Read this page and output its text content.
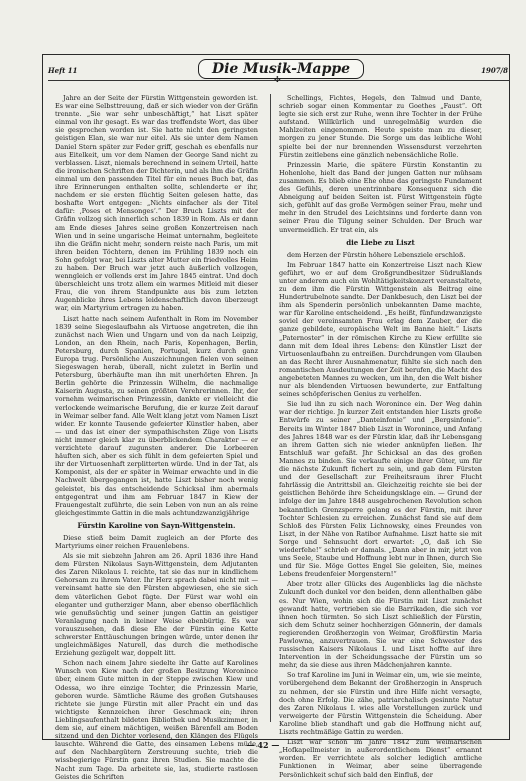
Heft 11	Die Musik-Mappe	1907/8
✣

Jahre an der Seite der Fürstin Wittgenstein geworden ist. Es war eine Selbsttreuung, daß er sich wieder von der Gräfin trennte. „Sie war sehr unbeschäftigt,“ hat Liszt später einmal von ihr gesagt. Es war das treffendste Wort, das über sie gesprochen worden ist. Sie hatte nicht den geringsten geistigen Elan, sie war nur eitel. Als sie unter dem Namen Daniel Stern später zur Feder griff, geschah es ebenfalls nur aus Eitelkeit, um vor dem Namen der George Sand nicht zu verblassen. Liszt, niemals berechnend in seinem Urteil, hatte die ironischen Schriften der Dichterin, und als ihm die Gräfin einmal um den passenden Titel für ein neues Buch bat, das ihre Erinnerungen enthalten sollte, schlenderte er ihr, nachdem er sie ersten flüchtig Seiten gelesen hatte, das boshafte Wort entgegen: „Nichts einfacher als der Titel dafür: ‚Poses et Mensonges‘.“ Der Bruch Liszts mit der Gräfin vollzog sich innerlich schon 1839 in Rom. Als er dann am Ende dieses Jahres seine großen Konzertreisen nach Wien und in seine ungarische Heimat unternahm, begleitete ihn die Gräfin nicht mehr, sondern reiste nach Paris, um mit ihren beiden Töchtern, denen im Frühling 1839 noch ein Sohn gefolgt war, bei Liszts alter Mutter ein friedvolles Heim zu haben. Der Bruch war jetzt auch äußerlich vollzogen, wenngleich er vollends erst im Jahre 1845 eintrat. Und doch überschleicht uns trotz allem ein warmes Mitleid mit dieser Frau, die von ihrem Standpunkte aus bis zum letzten Augenblicke ihres Lebens leidenschaftlich davon überzeugt war, ein Martyrium ertragen zu haben.

Liszt hatte nach seinem Aufenthalt in Rom im November 1839 seine Siegeslaufbahn als Virtuose angetreten, die ihn zunächst nach Wien und Ungarn und von da nach Leipzig, London, an den Rhein, nach Paris, Kopenhagen, Berlin, Petersburg, durch Spanien, Portugal, kurz durch ganz Europa trug. Persönliche Auszeichnungen fielen von seinen Siegeswagen herab, überall, nicht zuletzt in Berlin und Petersburg, überhäufte man ihn mit unerhörten Ehren. Jn Berlin gehörte die Prinzessin Wilhelm, die nachmalige Kaiserin Augusta, zu seinen größten Verehrerinnen. Ihr, der vornehm weimarischen Prinzessin, dankte er vielleicht die verlockende weimarische Berufung, die er kurze Zeit darauf in Weimar selber fand. Alle Welt klang jetzt vom Namen Liszt wider. Er konnte Tausende gefeierter Künstler haben, aber — und das ist einer der sympathischsten Züge von Liszts nicht immer gleich klar zu überblickendem Charakter — er verzichtete darauf zugunsten anderer. Die Lorbeeren häuften sich, aber es sich fühlt in dem gefeierten Spiel und ihr der Virtuosenhaft zerplitterten würde. Und in der Tat, als Komponist, als der er später in Weimar erwachte und in die Nachwelt übergegangen ist, hatte Liszt bisher noch wenig geleistet, bis das entscheidende Schicksal ihm abermals entgegentrat und ihm am Februar 1847 in Kiew der Frauengestalt zuführte, die sein Leben von nun an als reine gleichgestimmte Gattin in die mals achtundzwanzigjährige

Fürstin Karoline von Sayn-Wittgenstein.

Diese stieß beim Damit zugleich an der Pforte des Martyriums einer reichen Frauenlebens.

Als sie mit siebzehn Jahren am 26. April 1836 ihre Hand dem Fürsten Nikolaus Sayn-Wittgenstein, dem Adjutanten des Zaren Nikolaus I. reichte, tat sie das nur in kindlichem Gehorsam zu ihrem Vater. Ihr Herz sprach dabei nicht mit — vereinsamt hatte sie den Fürsten abgewiesen, ehe sie sich dem väterlichen Gebot fügte. Der Fürst war wohl ein eleganter und gutherziger Mann, aber ebenso oberflächlich wie genußsüchtig und seiner jungen Gattin an geistiger Veranlagung nach in keiner Weise ebenbürtig. Es war vorauszusehen, daß diese Ehe der Fürstin eine Kette schwerster Enttäuschungen bringen würde, unter denen ihr ungleichmäßiges Naturell, das durch die methodische Erziehung gezügelt war, doppelt litt.

Schon nach einem Jahre siedelte ihr Gatte auf Karolines Wunsch von Kiew nach der großen Besitzung Woronince über, einem Gute mitten in der Steppe zwischen Kiew und Odessa, wo ihre einzige Tochter, die Prinzessin Marie, geboren wurde. Sämtliche Räume des großen Gutshauses richtete sie junge Fürstin mit aller Pracht ein und das wichtigste Kennzeichen ihrer Geschmack ein; ihren Lieblingsaufenthalt bildeten Bibliothek und Musikzimmer, in dem sie, auf einem mächtigen, weißen Bärenfell am Boden sitzend und den Dichter vorlesend, den Klängen des Flügels lauschte. Während die Gatte, des einsamen Lebens müde, auf den Nachbargütern Zerstreuung suchte, trieb die wissbegierige Fürstin ganz ihren Studien. Sie machte die Nacht zum Tage. Da arbeitete sie, las, studierte rastlosen Geistes die Schriften

Schellings, Fichtes, Hegels, den Talmud und Dante, schrieb sogar einen Kommentar zu Goethes „Faust“. Oft legte sie sich erst zur Ruhe, wenn ihre Tochter in der Frühe aufstand. Willkürlich und unregelmäßig wurden die Mahlzeiten eingenommen. Heute speiste man zu dieser, morgen zu jener Stunde. Die Sorge um das leibliche Wohl spielte bei der nur brennenden Wissensdurst verzehrten Fürstin zeitlebens eine gänzlich nebensächliche Rolle.

Prinzessin Marie, die spätere Fürstin Konstantin zu Hohenlohe, hielt das Band der jungen Gatten nur mühsam zusammen. Es blieb eine Ehe ohne das geringste Fundament des Gefühls, deren unentrinnbare Konsequenz sich die Abneigung auf beiden Seiten ist. Fürst Wittgenstein fügte sich, gefühlt auf das große Vermögen seiner Frau, mehr und mehr in den Strudel des Leichtsinns und forderte dann von seiner Frau die Tilgung seiner Schulden. Der Bruch war unvermeidlich. Er trat ein, als

die Liebe zu Liszt

dem Herzen der Fürstin höhere Lebensziele erschloß.

Im Februar 1847 hatte ein Konzertreise Liszt nach Kiew geführt, wo er auf dem Großgrundbesitzer Südrußlands unter anderem auch ein Wohltätigkeitskonzert veranstaltete, zu dem ihm die Fürstin Wittgenstein als Beitrag eine Hundertrubelnote sandte. Der Dankbesuch, den Liszt bei der ihm als Spenderin persönlich unbekannten Dame machte, war für Karoline entscheidend. „Es heißt, fünfundzwanzigste soviel der vereinsamten Frau erlag dem Zauber, der die ganze gebildete, europäische Welt im Banne hielt.“ Liszts „Paternoster“ in der römischen Kirche zu Kiew erfüllte sie dann mit dem Ideal ihres Lebens: den Künstler Liszt der Virtuosenlaufbahn zu entreißen. Durchdrungen vom Glauben an das Recht ihrer Ausnahmenatur, fühlte sie sich nach den romantischen Ausdeutungen der Zeit berufen, die Macht des angebeteten Mannes zu wecken, um ihn, den die Welt bisher nur als blendenden Virtuosen bewunderte, zur Entfaltung seines schöpferischen Genius zu verhelfen.

Sie lud ihn zu sich nach Woronince ein. Der Weg dahin war der richtige. Jn kurzer Zeit entstanden hier Liszts große Entwürfe zu seiner „Danteinfonie“ und „Bergsinfonie“. Bereits im Winter 1847 blieb Liszt in Woronince, und Anfang des Jahres 1848 war es der Fürstin klar, daß ihr Lebensgang an ihrem Gatten sich nie wieder anknüpfen ließen. Ihr Entschluß war gefaßt. Jhr Schicksal an das des großen Mannes zu binden. Sie verkaufte einige ihrer Güter, um für die nächste Zukunft fichert zu sein, und gab dem Fürsten und der Gesellschaft zur Freiheitsraum ihrer Flucht fahrlässig die Antrittsbil an. Gleichzeitig reichte sie bei der geistlichen Behörde ihre Scheidungsklage ein. — Grund der infolge der im Jahre 1848 ausgebrochenen Revolution schon bekanntlich Grenzsperre gelang es der Fürstin, mit ihrer Tochter Schlesien zu erreichen. Zunächst fand sie auf dem Schloß des Fürsten Felix Lichnowsky, eines Freundes von Liszt, in der Nähe von Ratibor Aufnahme. Liszt hatte sie mit Sorge und Sehnsucht dort erwartet: „O, daß ich Sie wiederfehe!“ schrieb er damals. „Dann aber in mir, jetzt von uns Seele, Staube und Hoffnung lebt nur in Ihnen, durch Sie und für Sie. Möge Gottes Engel Sie geleiten, Sie, meines Lebens freudenfeier Morgenstern!“

Aber trotz aller Glücks des Augenblicks lag die nächste Zukunft doch dunkel vor den beiden, denn allenthalben gäbe es. Nur Wien, wohin sich die Fürstin mit Liszt zunächst gewandt hatte, vertrieben sie die Barrikaden, die sich vor ihnen hoch türmten. So sich Liszt schließlich der Fürstin, sich dem Schutz seiner hochherzigen Gönnerin, der damals regierenden Großherzogin von Weimar, Großfürstin Maria Pawlowna, anzuvertrauen. Sie war eine Schwester des russischen Kaisers Nikolaus I. und Liszt hoffte auf ihre Intervention in der Scheidungssache der Fürstin um so mehr, da sie diese aus ihren Mädchenjahren kannte.

So traf Karoline im Juni in Weimar ein, um, wie sie meinte, vorübergehend dem Bekannt der Großherzogin in Anspruch zu nehmen, der sie Fürstin und ihre Hilfe nicht versagte, doch ohne Erfolg. Die zähe, patriarchalisch gesinnte Natur des Zaren Nikolaus I. wies alle Vorstellungen zurück und verweigerte der Fürstin Wittgenstein die Scheidung. Aber Karoline blieb standhaft und gab die Hoffnung nicht auf, Liszts rechtmäßige Gattin zu werden.

Liszt war schon im Jahre 1842 zum weimarischen „Hofkapellmeister in außerordentlichem Dienst“ ernannt worden. Er verrichtete als solcher lediglich amtliche Funktionen in Weimar, aber seine überragende Persönlichkeit schuf sich bald den Einfluß, der

— 42 —
